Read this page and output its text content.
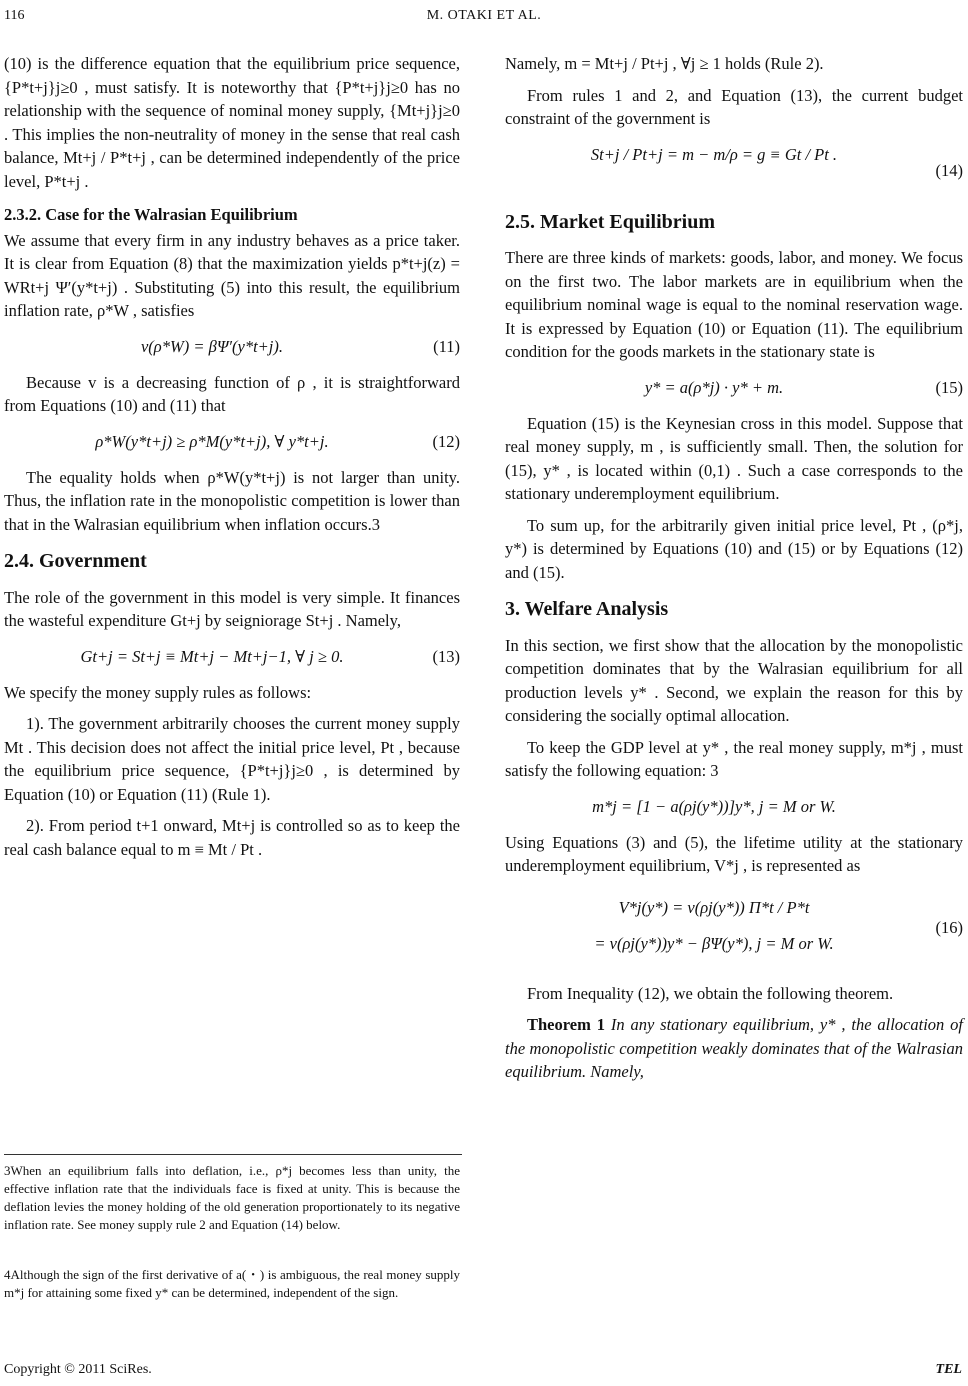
116	M. OTAKI ET AL.

(10) is the difference equation that the equilibrium price sequence, {P*t+j}j≥0 , must satisfy. It is noteworthy that {P*t+j}j≥0 has no relationship with the sequence of nominal money supply, {Mt+j}j≥0 . This implies the non-neutrality of money in the sense that real cash balance, Mt+j / P*t+j , can be determined independently of the price level, P*t+j .

2.3.2. Case for the Walrasian Equilibrium

We assume that every firm in any industry behaves as a price taker. It is clear from Equation (8) that the maximization yields p*t+j(z) = WRt+j Ψ′(y*t+j) . Substituting (5) into this result, the equilibrium inflation rate, ρ*W , satisfies

v(ρ*W) = βΨ′(y*t+j).	(11)

Because v is a decreasing function of ρ , it is straightforward from Equations (10) and (11) that

ρ*W(y*t+j) ≥ ρ*M(y*t+j), ∀ y*t+j.	(12)

The equality holds when ρ*W(y*t+j) is not larger than unity. Thus, the inflation rate in the monopolistic competition is lower than that in the Walrasian equilibrium when inflation occurs.3

2.4. Government

The role of the government in this model is very simple. It finances the wasteful expenditure Gt+j by seigniorage St+j . Namely,

Gt+j = St+j ≡ Mt+j − Mt+j−1, ∀ j ≥ 0.	(13)

We specify the money supply rules as follows:

1). The government arbitrarily chooses the current money supply Mt . This decision does not affect the initial price level, Pt , because the equilibrium price sequence, {P*t+j}j≥0 , is determined by Equation (10) or Equation (11) (Rule 1).

2). From period t+1 onward, Mt+j is controlled so as to keep the real cash balance equal to m ≡ Mt / Pt .

3When an equilibrium falls into deflation, i.e., ρ*j becomes less than unity, the effective inflation rate that the individuals face is fixed at unity. This is because the deflation levies the money holding of the old generation proportionately to its negative inflation rate. See money supply rule 2 and Equation (14) below.
4Although the sign of the first derivative of a(・) is ambiguous, the real money supply m*j for attaining some fixed y* can be determined, independent of the sign.

Namely, m = Mt+j / Pt+j , ∀j ≥ 1 holds (Rule 2).

From rules 1 and 2, and Equation (13), the current budget constraint of the government is

St+j / Pt+j = m − m/ρ = g ≡ Gt / Pt .
(14)
2.5. Market Equilibrium

There are three kinds of markets: goods, labor, and money. We focus on the first two. The labor markets are in equilibrium when the equilibrium nominal wage is equal to the nominal reservation wage. It is expressed by Equation (10) or Equation (11). The equilibrium condition for the goods markets in the stationary state is

y* = a(ρ*j) · y* + m.	(15)

Equation (15) is the Keynesian cross in this model. Suppose that real money supply, m , is sufficiently small. Then, the solution for (15), y* , is located within (0,1) . Such a case corresponds to the stationary underemployment equilibrium.

To sum up, for the arbitrarily given initial price level, Pt , (ρ*j, y*) is determined by Equations (10) and (15) or by Equations (12) and (15).

3. Welfare Analysis

In this section, we first show that the allocation by the monopolistic competition dominates that by the Walrasian equilibrium for all production levels y* . Second, we explain the reason for this by considering the socially optimal allocation.

To keep the GDP level at y* , the real money supply, m*j , must satisfy the following equation: 3

m*j = [1 − a(ρj(y*))]y*, j = M or W.

Using Equations (3) and (5), the lifetime utility at the stationary underemployment equilibrium, V*j , is represented as

V*j(y*) = v(ρj(y*)) Π*t / P*t
= v(ρj(y*))y* − βΨ(y*), j = M or W.
(16)

From Inequality (12), we obtain the following theorem.

Theorem 1 In any stationary equilibrium, y* , the allocation of the monopolistic competition weakly dominates that of the Walrasian equilibrium. Namely,

Copyright © 2011 SciRes.	TEL
